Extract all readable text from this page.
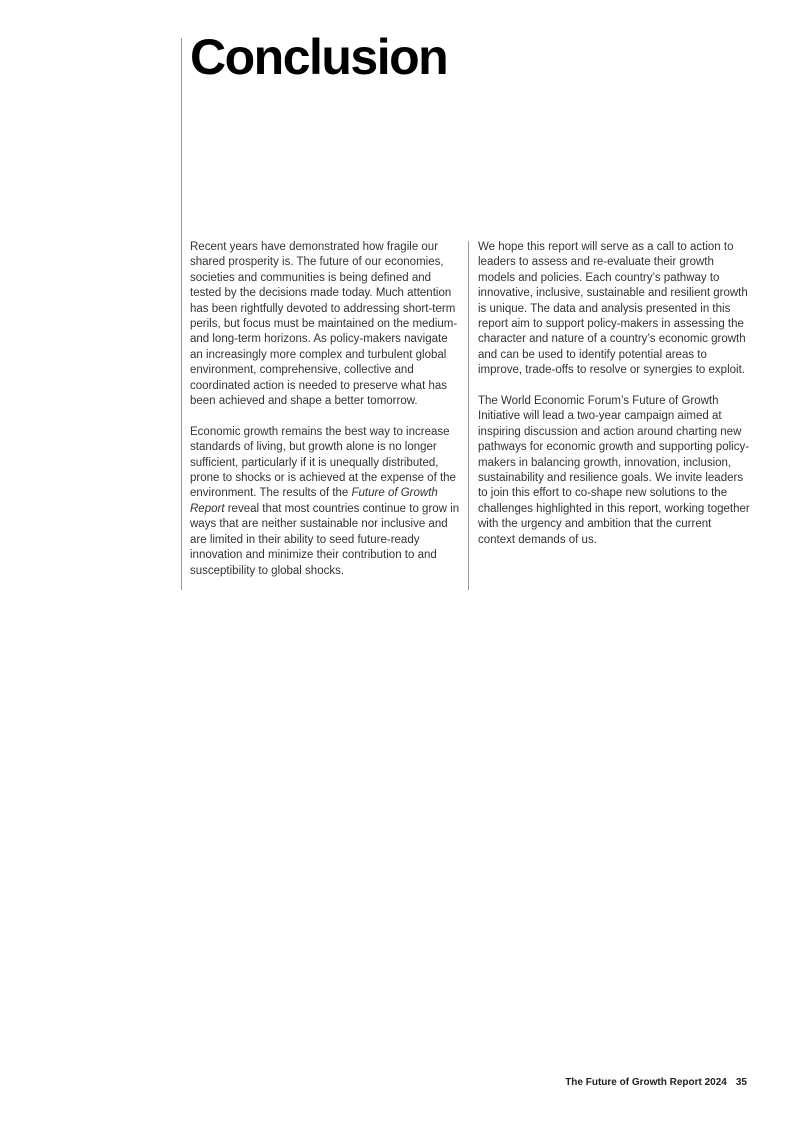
Conclusion

Recent years have demonstrated how fragile our shared prosperity is. The future of our economies, societies and communities is being defined and tested by the decisions made today. Much attention has been rightfully devoted to addressing short-term perils, but focus must be maintained on the medium- and long-term horizons. As policy-makers navigate an increasingly more complex and turbulent global environment, comprehensive, collective and coordinated action is needed to preserve what has been achieved and shape a better tomorrow.

Economic growth remains the best way to increase standards of living, but growth alone is no longer sufficient, particularly if it is unequally distributed, prone to shocks or is achieved at the expense of the environment. The results of the Future of Growth Report reveal that most countries continue to grow in ways that are neither sustainable nor inclusive and are limited in their ability to seed future-ready innovation and minimize their contribution to and susceptibility to global shocks.

We hope this report will serve as a call to action to leaders to assess and re-evaluate their growth models and policies. Each country’s pathway to innovative, inclusive, sustainable and resilient growth is unique. The data and analysis presented in this report aim to support policy-makers in assessing the character and nature of a country’s economic growth and can be used to identify potential areas to improve, trade-offs to resolve or synergies to exploit.

The World Economic Forum’s Future of Growth Initiative will lead a two-year campaign aimed at inspiring discussion and action around charting new pathways for economic growth and supporting policy-makers in balancing growth, innovation, inclusion, sustainability and resilience goals. We invite leaders to join this effort to co-shape new solutions to the challenges highlighted in this report, working together with the urgency and ambition that the current context demands of us.

The Future of Growth Report 2024 35
